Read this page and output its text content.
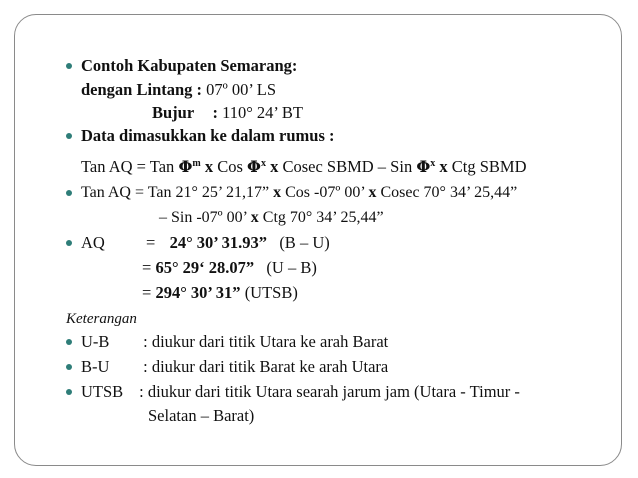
Contoh Kabupaten Semarang:
dengan Lintang : 07º 00’ LS
Bujur : 110° 24’ BT
Data dimasukkan ke dalam rumus :
Tan AQ = Tan $\Phi^m$ x Cos $\Phi^x$ x Cosec SBMD – Sin $\Phi^x$ x Ctg SBMD
Tan AQ = Tan 21° 25’ 21,17” x Cos -07º 00’ x Cosec 70° 34’ 25,44”
– Sin -07º 00’ x Ctg 70° 34’ 25,44”
AQ = 24° 30’ 31.93” (B – U)
= 65° 29‘ 28.07” (U – B)
= 294° 30’ 31” (UTSB)
Keterangan
U-B : diukur dari titik Utara ke arah Barat
B-U : diukur dari titik Barat ke arah Utara
UTSB : diukur dari titik Utara searah jarum jam (Utara - Timur -
Selatan – Barat)
